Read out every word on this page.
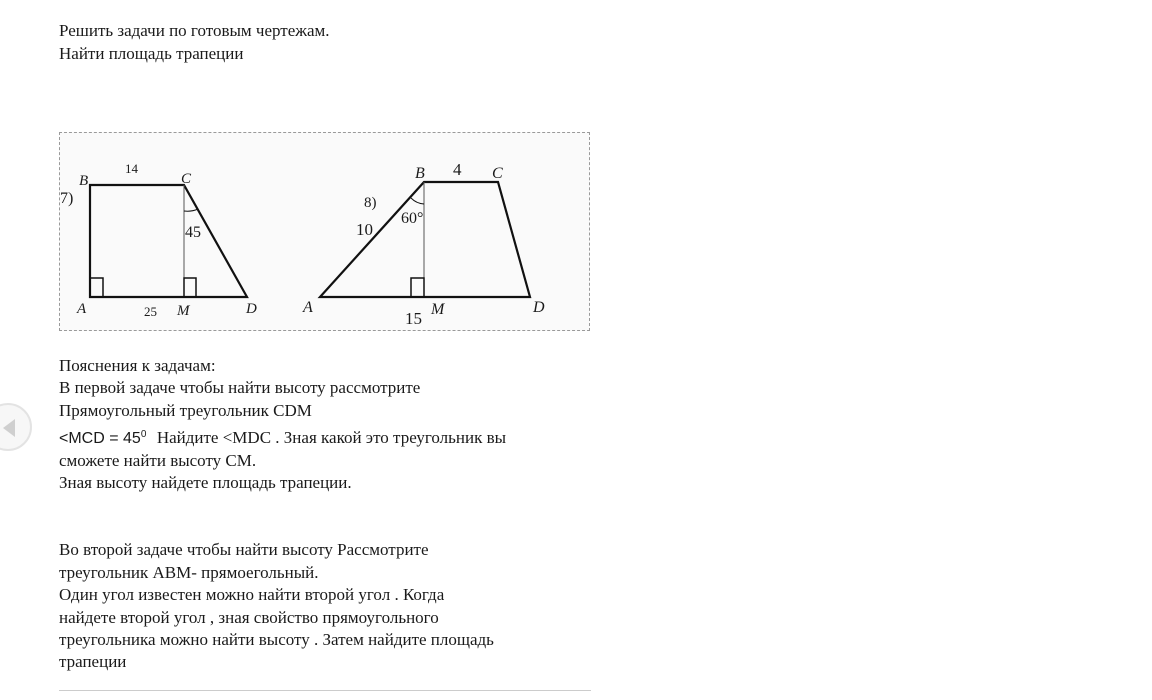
Решить задачи по готовым чертежам.
Найти площадь трапеции
7)
B	C
A	M	D
14
25
45
8)
B	C
A	M	D
4
10
15
60°
Пояснения к задачам:
В первой задаче чтобы найти высоту рассмотрите
Прямоугольный треугольник CDM
$<MCD = 45^0$ Найдите <MDC . Зная какой это треугольник вы
сможете найти высоту CM.
Зная высоту найдете площадь трапеции.
Во второй задаче чтобы найти высоту Рассмотрите
треугольник ABM- прямоегольный.
Один угол известен можно найти второй угол . Когда
найдете второй угол , зная свойство прямоугольного
треугольника можно найти высоту . Затем найдите площадь
трапеции
